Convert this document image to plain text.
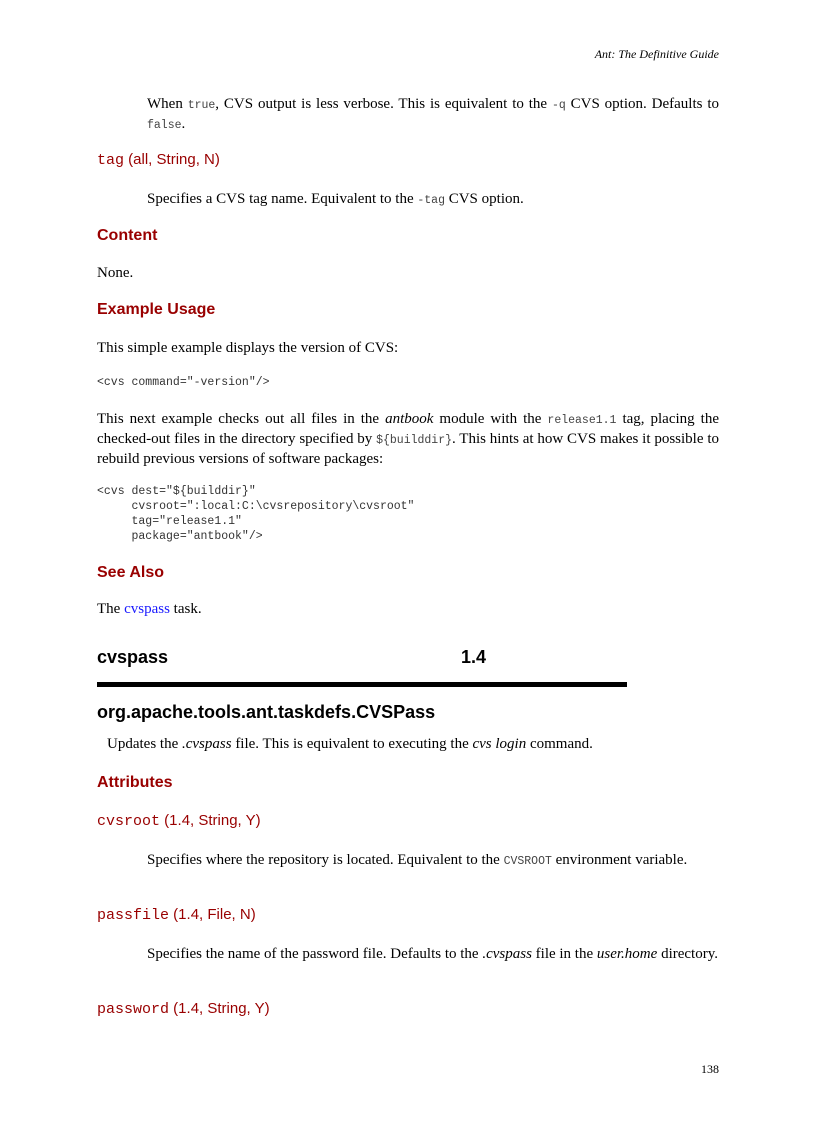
Ant: The Definitive Guide
When true, CVS output is less verbose. This is equivalent to the -q CVS option. Defaults to false.
tag (all, String, N)
Specifies a CVS tag name. Equivalent to the -tag CVS option.
Content
None.
Example Usage
This simple example displays the version of CVS:
<cvs command="-version"/>
This next example checks out all files in the antbook module with the release1.1 tag, placing the checked-out files in the directory specified by ${builddir}. This hints at how CVS makes it possible to rebuild previous versions of software packages:
<cvs dest="${builddir}"
cvsroot=":local:C:\cvsrepository\cvsroot"
tag="release1.1"
package="antbook"/>
See Also
The cvspass task.
cvspass	1.4
org.apache.tools.ant.taskdefs.CVSPass
Updates the .cvspass file. This is equivalent to executing the cvs login command.
Attributes
cvsroot (1.4, String, Y)
Specifies where the repository is located. Equivalent to the CVSROOT environment variable.
passfile (1.4, File, N)
Specifies the name of the password file. Defaults to the .cvspass file in the user.home directory.
password (1.4, String, Y)
138
